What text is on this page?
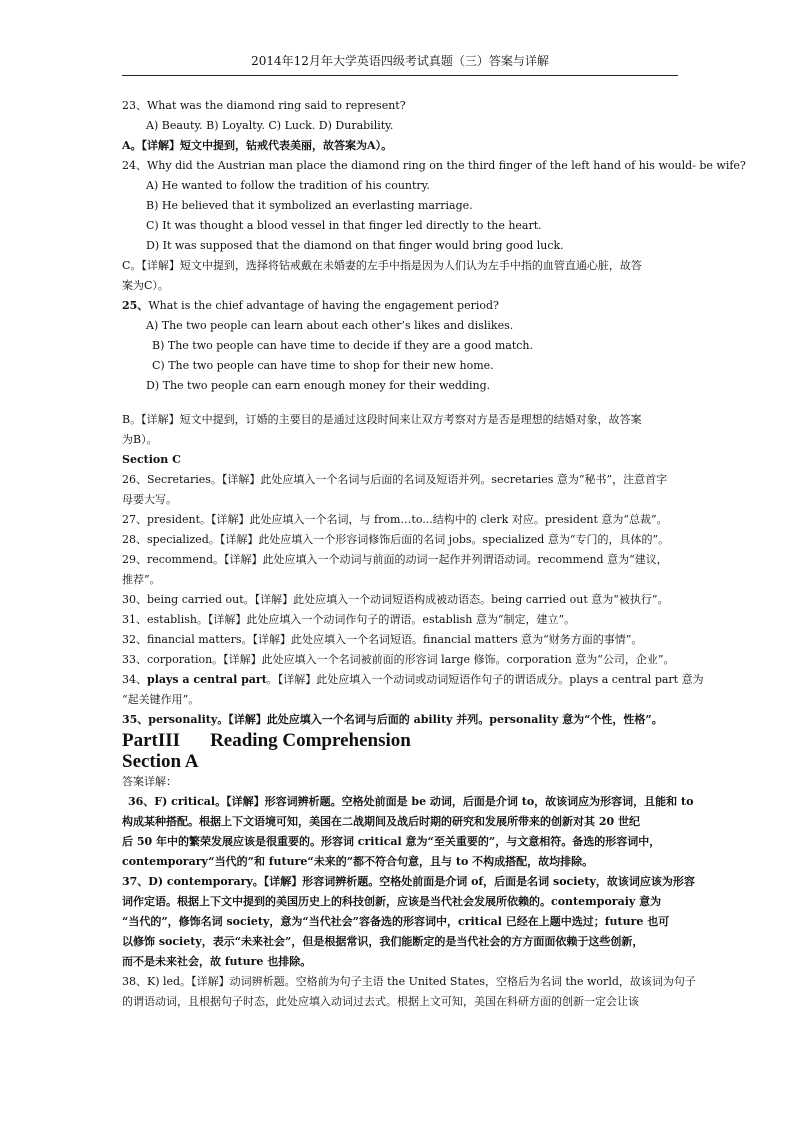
2014年12月年大学英语四级考试真题（三）答案与详解
23、What was the diamond ring said to represent?
A) Beauty. B) Loyalty. C) Luck. D) Durability.
A。【详解】短文中提到，钻戒代表美丽，故答案为A）。
24、Why did the Austrian man place the diamond ring on the third finger of the left hand of his would- be wife?
A) He wanted to follow the tradition of his country.
B) He believed that it symbolized an everlasting marriage.
C) It was thought a blood vessel in that finger led directly to the heart.
D) It was supposed that the diamond on that finger would bring good luck.
C。【详解】短文中提到，选择将钻戒戴在未婚妻的左手中指是因为人们认为左手中指的血管直通心脏，故答
案为C）。
25、What is the chief advantage of having the engagement period?
A) The two people can learn about each other’s likes and dislikes.
B) The two people can have time to decide if they are a good match.
C) The two people can have time to shop for their new home.
D) The two people can earn enough money for their wedding.
B。【详解】短文中提到，订婚的主要目的是通过这段时间来让双方考察对方是否是理想的结婚对象，故答案
为B）。
Section C
26、Secretaries。【详解】此处应填入一个名词与后面的名词及短语并列。secretaries 意为“秘书”，注意首字
母要大写。
27、president。【详解】此处应填入一个名词，与 from…to...结构中的 clerk 对应。president 意为“总裁”。
28、specialized。【详解】此处应填入一个形容词修饰后面的名词 jobs。specialized 意为“专门的，具体的”。
29、recommend。【详解】此处应填入一个动词与前面的动词一起作并列谓语动词。recommend 意为“建议，
推荐”。
30、being carried out。【详解】此处应填入一个动词短语构成被动语态。being carried out 意为“被执行”。
31、establish。【详解】此处应填入一个动词作句子的谓语。establish 意为“制定，建立”。
32、financial matters。【详解】此处应填入一个名词短语。financial matters 意为“财务方面的事情”。
33、corporation。【详解】此处应填入一个名词被前面的形容词 large 修饰。corporation 意为“公司，企业”。
34、plays a central part。【详解】此处应填入一个动词或动词短语作句子的谓语成分。plays a central part 意为
“起关键作用”。
35、personality。【详解】此处应填入一个名词与后面的 ability 并列。personality 意为“个性，性格”。
PartIII Reading Comprehension
Section A
答案详解：
36、F) critical。【详解】形容词辨析题。空格处前面是 be 动词，后面是介词 to，故该词应为形容词，且能和 to
构成某种搭配。根据上下文语境可知，美国在二战期间及战后时期的研究和发展所带来的创新对其 20 世纪
后 50 年中的繁荣发展应该是很重要的。形容词 critical 意为“至关重要的”，与文意相符。备选的形容词中，
contemporary“当代的”和 future“未来的”都不符合句意，且与 to 不构成搭配，故均排除。
37、D) contemporary。【详解】形容词辨析题。空格处前面是介词 of，后面是名词 society，故该词应该为形容
词作定语。根据上下文中提到的美国历史上的科技创新，应该是当代社会发展所依赖的。contemporaiy 意为
“当代的”，修饰名词 society，意为“当代社会”容备选的形容词中，critical 已经在上题中选过；future 也可
以修饰 society，表示“未来社会”，但是根据常识，我们能断定的是当代社会的方方面面依赖于这些创新，
而不是未来社会，故 future 也排除。
38、K) led。【详解】动词辨析题。空格前为句子主语 the United States，空格后为名词 the world，故该词为句子
的谓语动词，且根据句子时态，此处应填入动词过去式。根据上文可知，美国在科研方面的创新一定会让该
